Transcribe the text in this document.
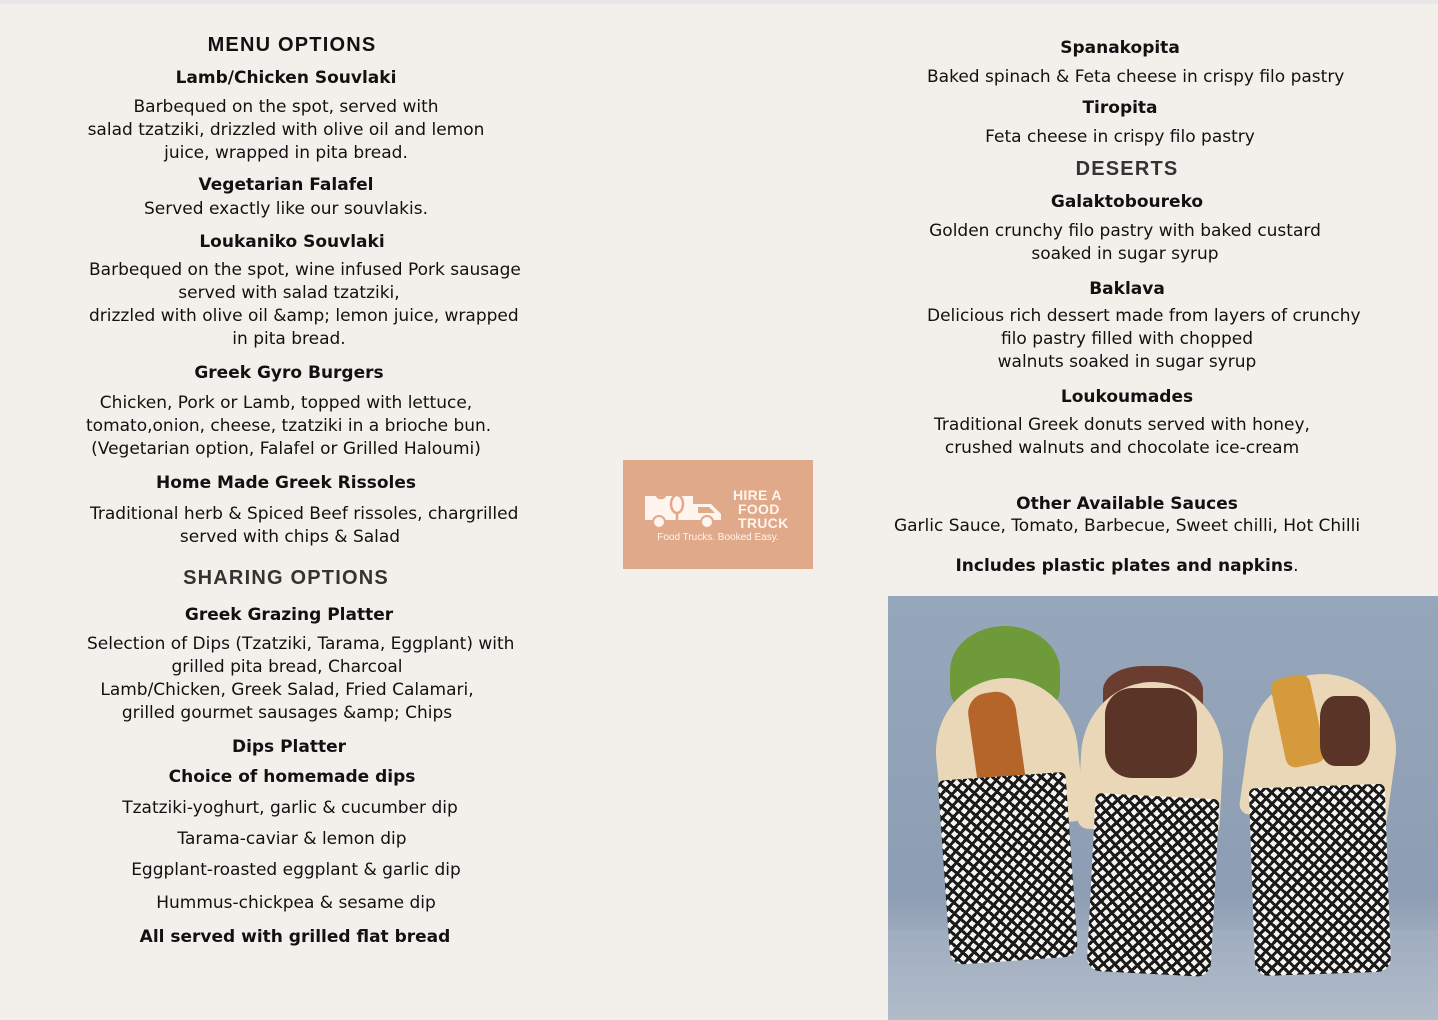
MENU OPTIONS

Lamb/Chicken Souvlaki

Barbequed on the spot, served with
salad tzatziki, drizzled with olive oil and lemon
juice, wrapped in pita bread.

Vegetarian Falafel

Served exactly like our souvlakis.

Loukaniko Souvlaki

Barbequed on the spot, wine infused Pork sausage
served with salad tzatziki,
drizzled with olive oil &amp; lemon juice, wrapped
in pita bread.

Greek Gyro Burgers

Chicken, Pork or Lamb, topped with lettuce,
tomato,onion, cheese, tzatziki in a brioche bun.
(Vegetarian option, Falafel or Grilled Haloumi)

Home Made Greek Rissoles

Traditional herb & Spiced Beef rissoles, chargrilled
served with chips & Salad

SHARING OPTIONS

Greek Grazing Platter

Selection of Dips (Tzatziki, Tarama, Eggplant) with
grilled pita bread, Charcoal
Lamb/Chicken, Greek Salad, Fried Calamari,
grilled gourmet sausages &amp; Chips

Dips Platter

Choice of homemade dips

Tzatziki-yoghurt, garlic & cucumber dip

Tarama-caviar & lemon dip

Eggplant-roasted eggplant & garlic dip

Hummus-chickpea & sesame dip

All served with grilled flat bread

HIRE A
FOOD
TRUCK
Food Trucks. Booked Easy.

Spanakopita

Baked spinach & Feta cheese in crispy filo pastry

Tiropita

Feta cheese in crispy filo pastry

DESERTS

Galaktoboureko

Golden crunchy filo pastry with baked custard
soaked in sugar syrup

Baklava

Delicious rich dessert made from layers of crunchy
filo pastry filled with chopped
walnuts soaked in sugar syrup

Loukoumades

Traditional Greek donuts served with honey,
crushed walnuts and chocolate ice-cream

Other Available Sauces

Garlic Sauce, Tomato, Barbecue, Sweet chilli, Hot Chilli

Includes plastic plates and napkins.
